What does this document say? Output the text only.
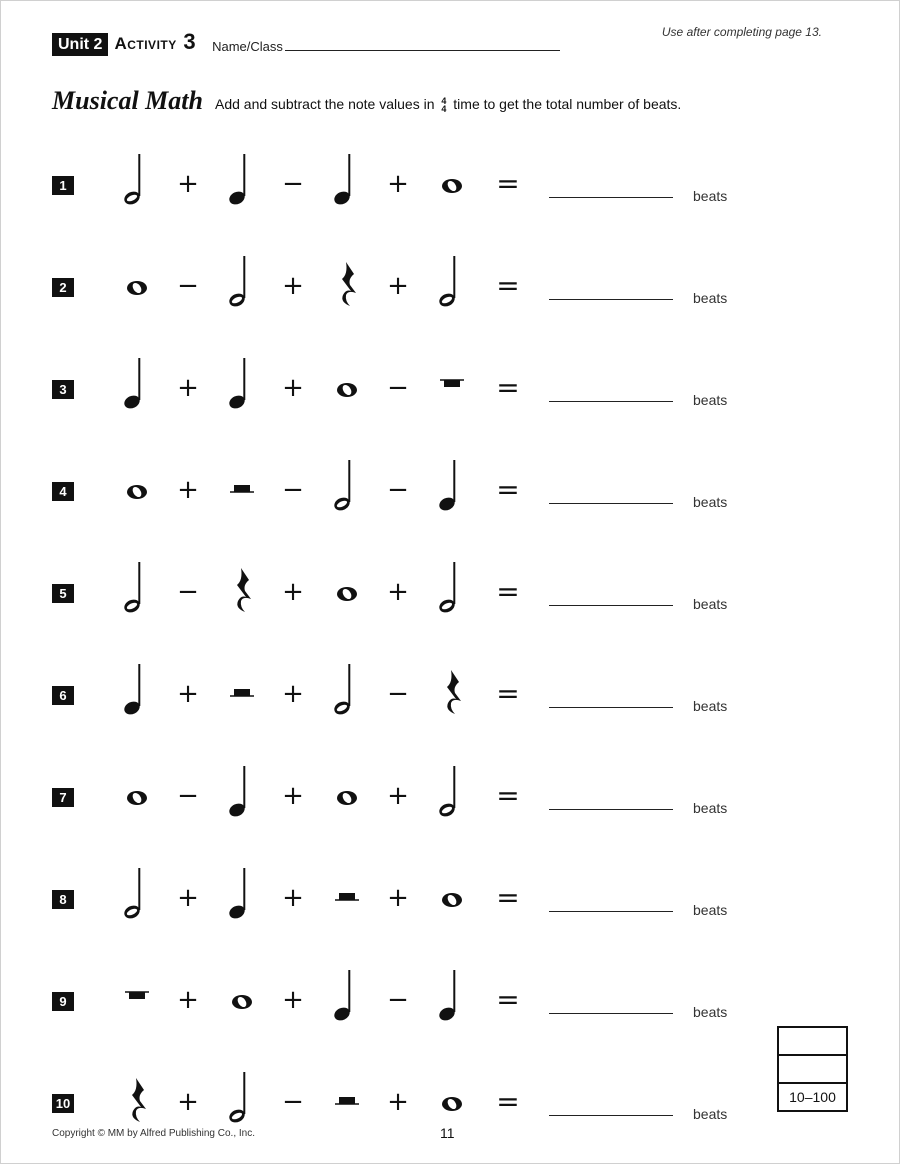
Unit 2 Activity 3 Name/Class
Use after completing page 13.
Musical Math Add and subtract the note values in 4
4 time to get the total number of beats.
1	+	−	+	=	beats
2	−	+	+	=	beats
3	+	+	−	=	beats
4	+	−	−	=	beats
5	−	+	+	=	beats
6	+	+	−	=	beats
7	−	+	+	=	beats
8	+	+	+	=	beats
9	+	+	−	=	beats
10	+	−	+	=	beats
10–100
Copyright © MM by Alfred Publishing Co., Inc.	11
